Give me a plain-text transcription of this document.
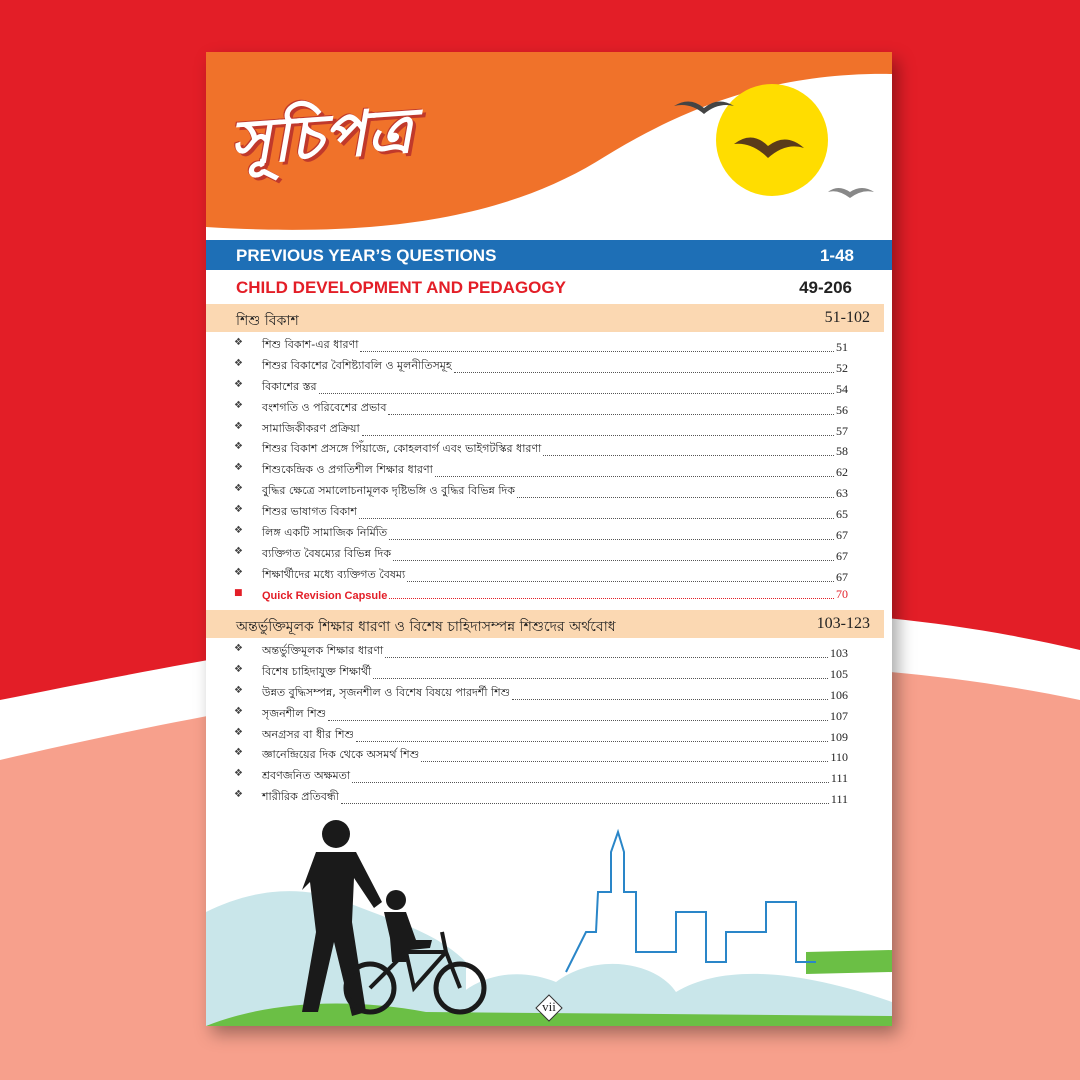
সূচিপত্র
PREVIOUS YEAR’S QUESTIONS	1-48
CHILD DEVELOPMENT AND PEDAGOGY	49-206
শিশু বিকাশ	51-102
❖ শিশু বিকাশ-এর ধারণা	51
❖ শিশুর বিকাশের বৈশিষ্ট্যাবলি ও মূলনীতিসমূহ	52
❖ বিকাশের স্তর	54
❖ বংশগতি ও পরিবেশের প্রভাব	56
❖ সামাজিকীকরণ প্রক্রিয়া	57
❖ শিশুর বিকাশ প্রসঙ্গে পিঁয়াজে, কোহলবার্গ এবং ভাইগটস্কির ধারণা	58
❖ শিশুকেন্দ্রিক ও প্রগতিশীল শিক্ষার ধারণা	62
❖ বুদ্ধির ক্ষেত্রে সমালোচনামূলক দৃষ্টিভঙ্গি ও বুদ্ধির বিভিন্ন দিক	63
❖ শিশুর ভাষাগত বিকাশ	65
❖ লিঙ্গ একটি সামাজিক নির্মিতি	67
❖ ব্যক্তিগত বৈষম্যের বিভিন্ন দিক	67
❖ শিক্ষার্থীদের মধ্যে ব্যক্তিগত বৈষম্য	67
■ Quick Revision Capsule	70
অন্তর্ভুক্তিমূলক শিক্ষার ধারণা ও বিশেষ চাহিদাসম্পন্ন শিশুদের অর্থবোধ	103-123
❖ অন্তর্ভুক্তিমূলক শিক্ষার ধারণা	103
❖ বিশেষ চাহিদাযুক্ত শিক্ষার্থী	105
❖ উন্নত বুদ্ধিসম্পন্ন, সৃজনশীল ও বিশেষ বিষয়ে পারদর্শী শিশু	106
❖ সৃজনশীল শিশু	107
❖ অনগ্রসর বা ধীর শিশু	109
❖ জ্ঞানেন্দ্রিয়ের দিক থেকে অসমর্থ শিশু	110
❖ শ্রবণজনিত অক্ষমতা	111
❖ শারীরিক প্রতিবন্ধী	111
vii
